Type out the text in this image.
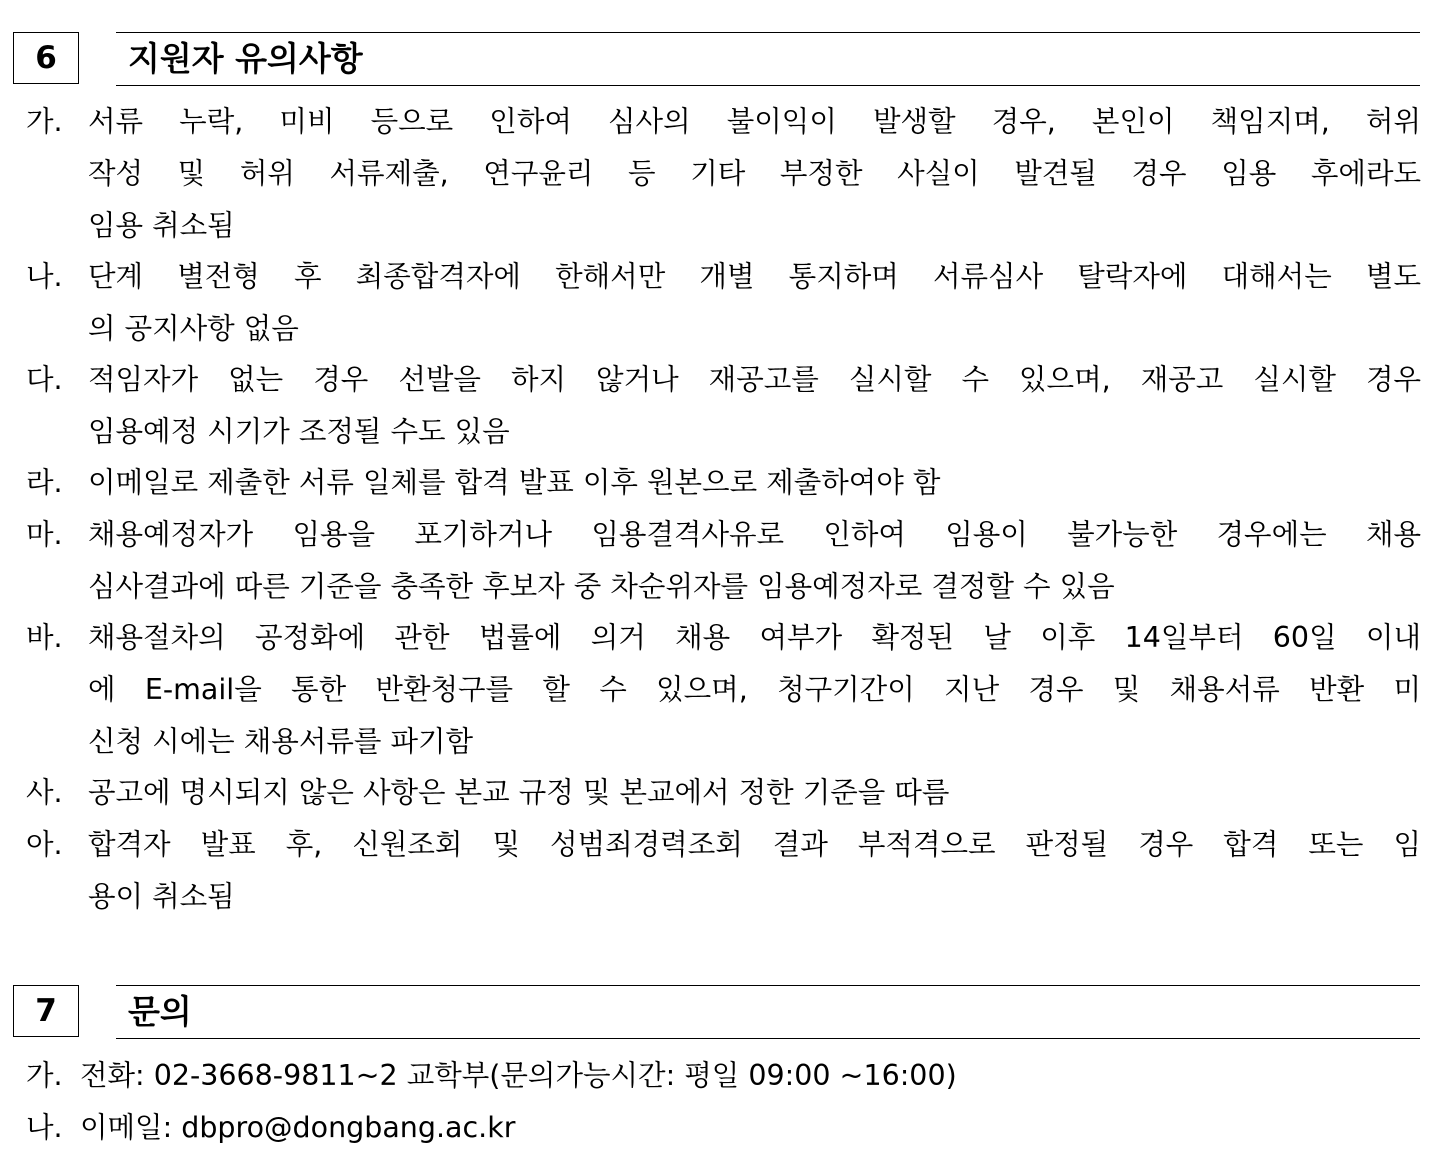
6	지원자 유의사항
가. 서류 누락, 미비 등으로 인하여 심사의 불이익이 발생할 경우, 본인이 책임지며, 허위
작성 및 허위 서류제출, 연구윤리 등 기타 부정한 사실이 발견될 경우 임용 후에라도
임용 취소됨
나. 단계 별전형 후 최종합격자에 한해서만 개별 통지하며 서류심사 탈락자에 대해서는 별도
의 공지사항 없음
다. 적임자가 없는 경우 선발을 하지 않거나 재공고를 실시할 수 있으며, 재공고 실시할 경우
임용예정 시기가 조정될 수도 있음
라. 이메일로 제출한 서류 일체를 합격 발표 이후 원본으로 제출하여야 함
마. 채용예정자가 임용을 포기하거나 임용결격사유로 인하여 임용이 불가능한 경우에는 채용
심사결과에 따른 기준을 충족한 후보자 중 차순위자를 임용예정자로 결정할 수 있음
바. 채용절차의 공정화에 관한 법률에 의거 채용 여부가 확정된 날 이후 14일부터 60일 이내
에 E-mail을 통한 반환청구를 할 수 있으며, 청구기간이 지난 경우 및 채용서류 반환 미
신청 시에는 채용서류를 파기함
사. 공고에 명시되지 않은 사항은 본교 규정 및 본교에서 정한 기준을 따름
아. 합격자 발표 후, 신원조회 및 성범죄경력조회 결과 부적격으로 판정될 경우 합격 또는 임
용이 취소됨
7	문의
가. 전화: 02-3668-9811~2 교학부(문의가능시간: 평일 09:00 ~16:00)
나. 이메일: dbpro@dongbang.ac.kr
